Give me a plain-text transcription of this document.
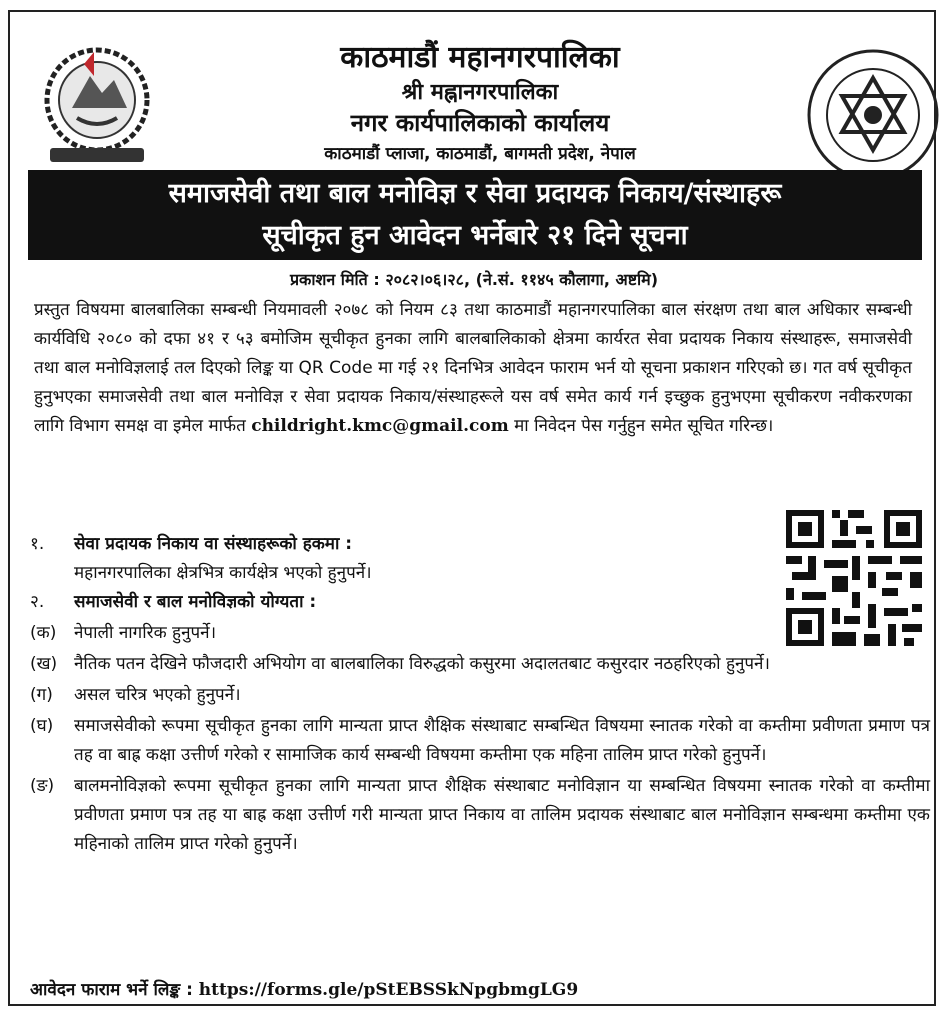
काठमाडौं महानगरपालिका

श्री मह्नानगरपालिका

नगर कार्यपालिकाको कार्यालय

काठमाडौं प्लाजा, काठमाडौं, बागमती प्रदेश, नेपाल

समाजसेवी तथा बाल मनोविज्ञ र सेवा प्रदायक निकाय/संस्थाहरू
सूचीकृत हुन आवेदन भर्नेबारे २१ दिने सूचना
प्रकाशन मिति : २०८२।०६।२८, (ने.सं. ११४५ कौलागा, अष्टमि)

प्रस्तुत विषयमा बालबालिका सम्बन्धी नियमावली २०७८ को नियम ८३ तथा काठमाडौं महानगरपालिका बाल संरक्षण तथा बाल अधिकार सम्बन्धी कार्यविधि २०८० को दफा ४१ र ५३ बमोजिम सूचीकृत हुनका लागि बालबालिकाको क्षेत्रमा कार्यरत सेवा प्रदायक निकाय संस्थाहरू, समाजसेवी तथा बाल मनोविज्ञलाई तल दिएको लिङ्क या QR Code मा गई २१ दिनभित्र आवेदन फाराम भर्न यो सूचना प्रकाशन गरिएको छ। गत वर्ष सूचीकृत हुनुभएका समाजसेवी तथा बाल मनोविज्ञ र सेवा प्रदायक निकाय/संस्थाहरूले यस वर्ष समेत कार्य गर्न इच्छुक हुनुभएमा सूचीकरण नवीकरणका लागि विभाग समक्ष वा इमेल मार्फत childright.kmc@gmail.com मा निवेदन पेस गर्नुहुन समेत सूचित गरिन्छ।

१.	सेवा प्रदायक निकाय वा संस्थाहरूको हकमा :
महानगरपालिका क्षेत्रभित्र कार्यक्षेत्र भएको हुनुपर्ने।
२.	समाजसेवी र बाल मनोविज्ञको योग्यता :
(क)	नेपाली नागरिक हुनुपर्ने।
(ख) नैतिक पतन देखिने फौजदारी अभियोग वा बालबालिका विरुद्धको कसुरमा अदालतबाट कसुरदार नठहरिएको हुनुपर्ने।
(ग)	असल चरित्र भएको हुनुपर्ने।
(घ)	समाजसेवीको रूपमा सूचीकृत हुनका लागि मान्यता प्राप्त शैक्षिक संस्थाबाट सम्बन्धित विषयमा स्नातक गरेको वा कम्तीमा प्रवीणता प्रमाण पत्र तह वा बाह्र कक्षा उत्तीर्ण गरेको र सामाजिक कार्य सम्बन्धी विषयमा कम्तीमा एक महिना तालिम प्राप्त गरेको हुनुपर्ने।
(ङ)	बालमनोविज्ञको रूपमा सूचीकृत हुनका लागि मान्यता प्राप्त शैक्षिक संस्थाबाट मनोविज्ञान या सम्बन्धित विषयमा स्नातक गरेको वा कम्तीमा प्रवीणता प्रमाण पत्र तह या बाह्र कक्षा उत्तीर्ण गरी मान्यता प्राप्त निकाय वा तालिम प्रदायक संस्थाबाट बाल मनोविज्ञान सम्बन्धमा कम्तीमा एक महिनाको तालिम प्राप्त गरेको हुनुपर्ने।
आवेदन फाराम भर्ने लिङ्क : https://forms.gle/pStEBSSkNpgbmgLG9
